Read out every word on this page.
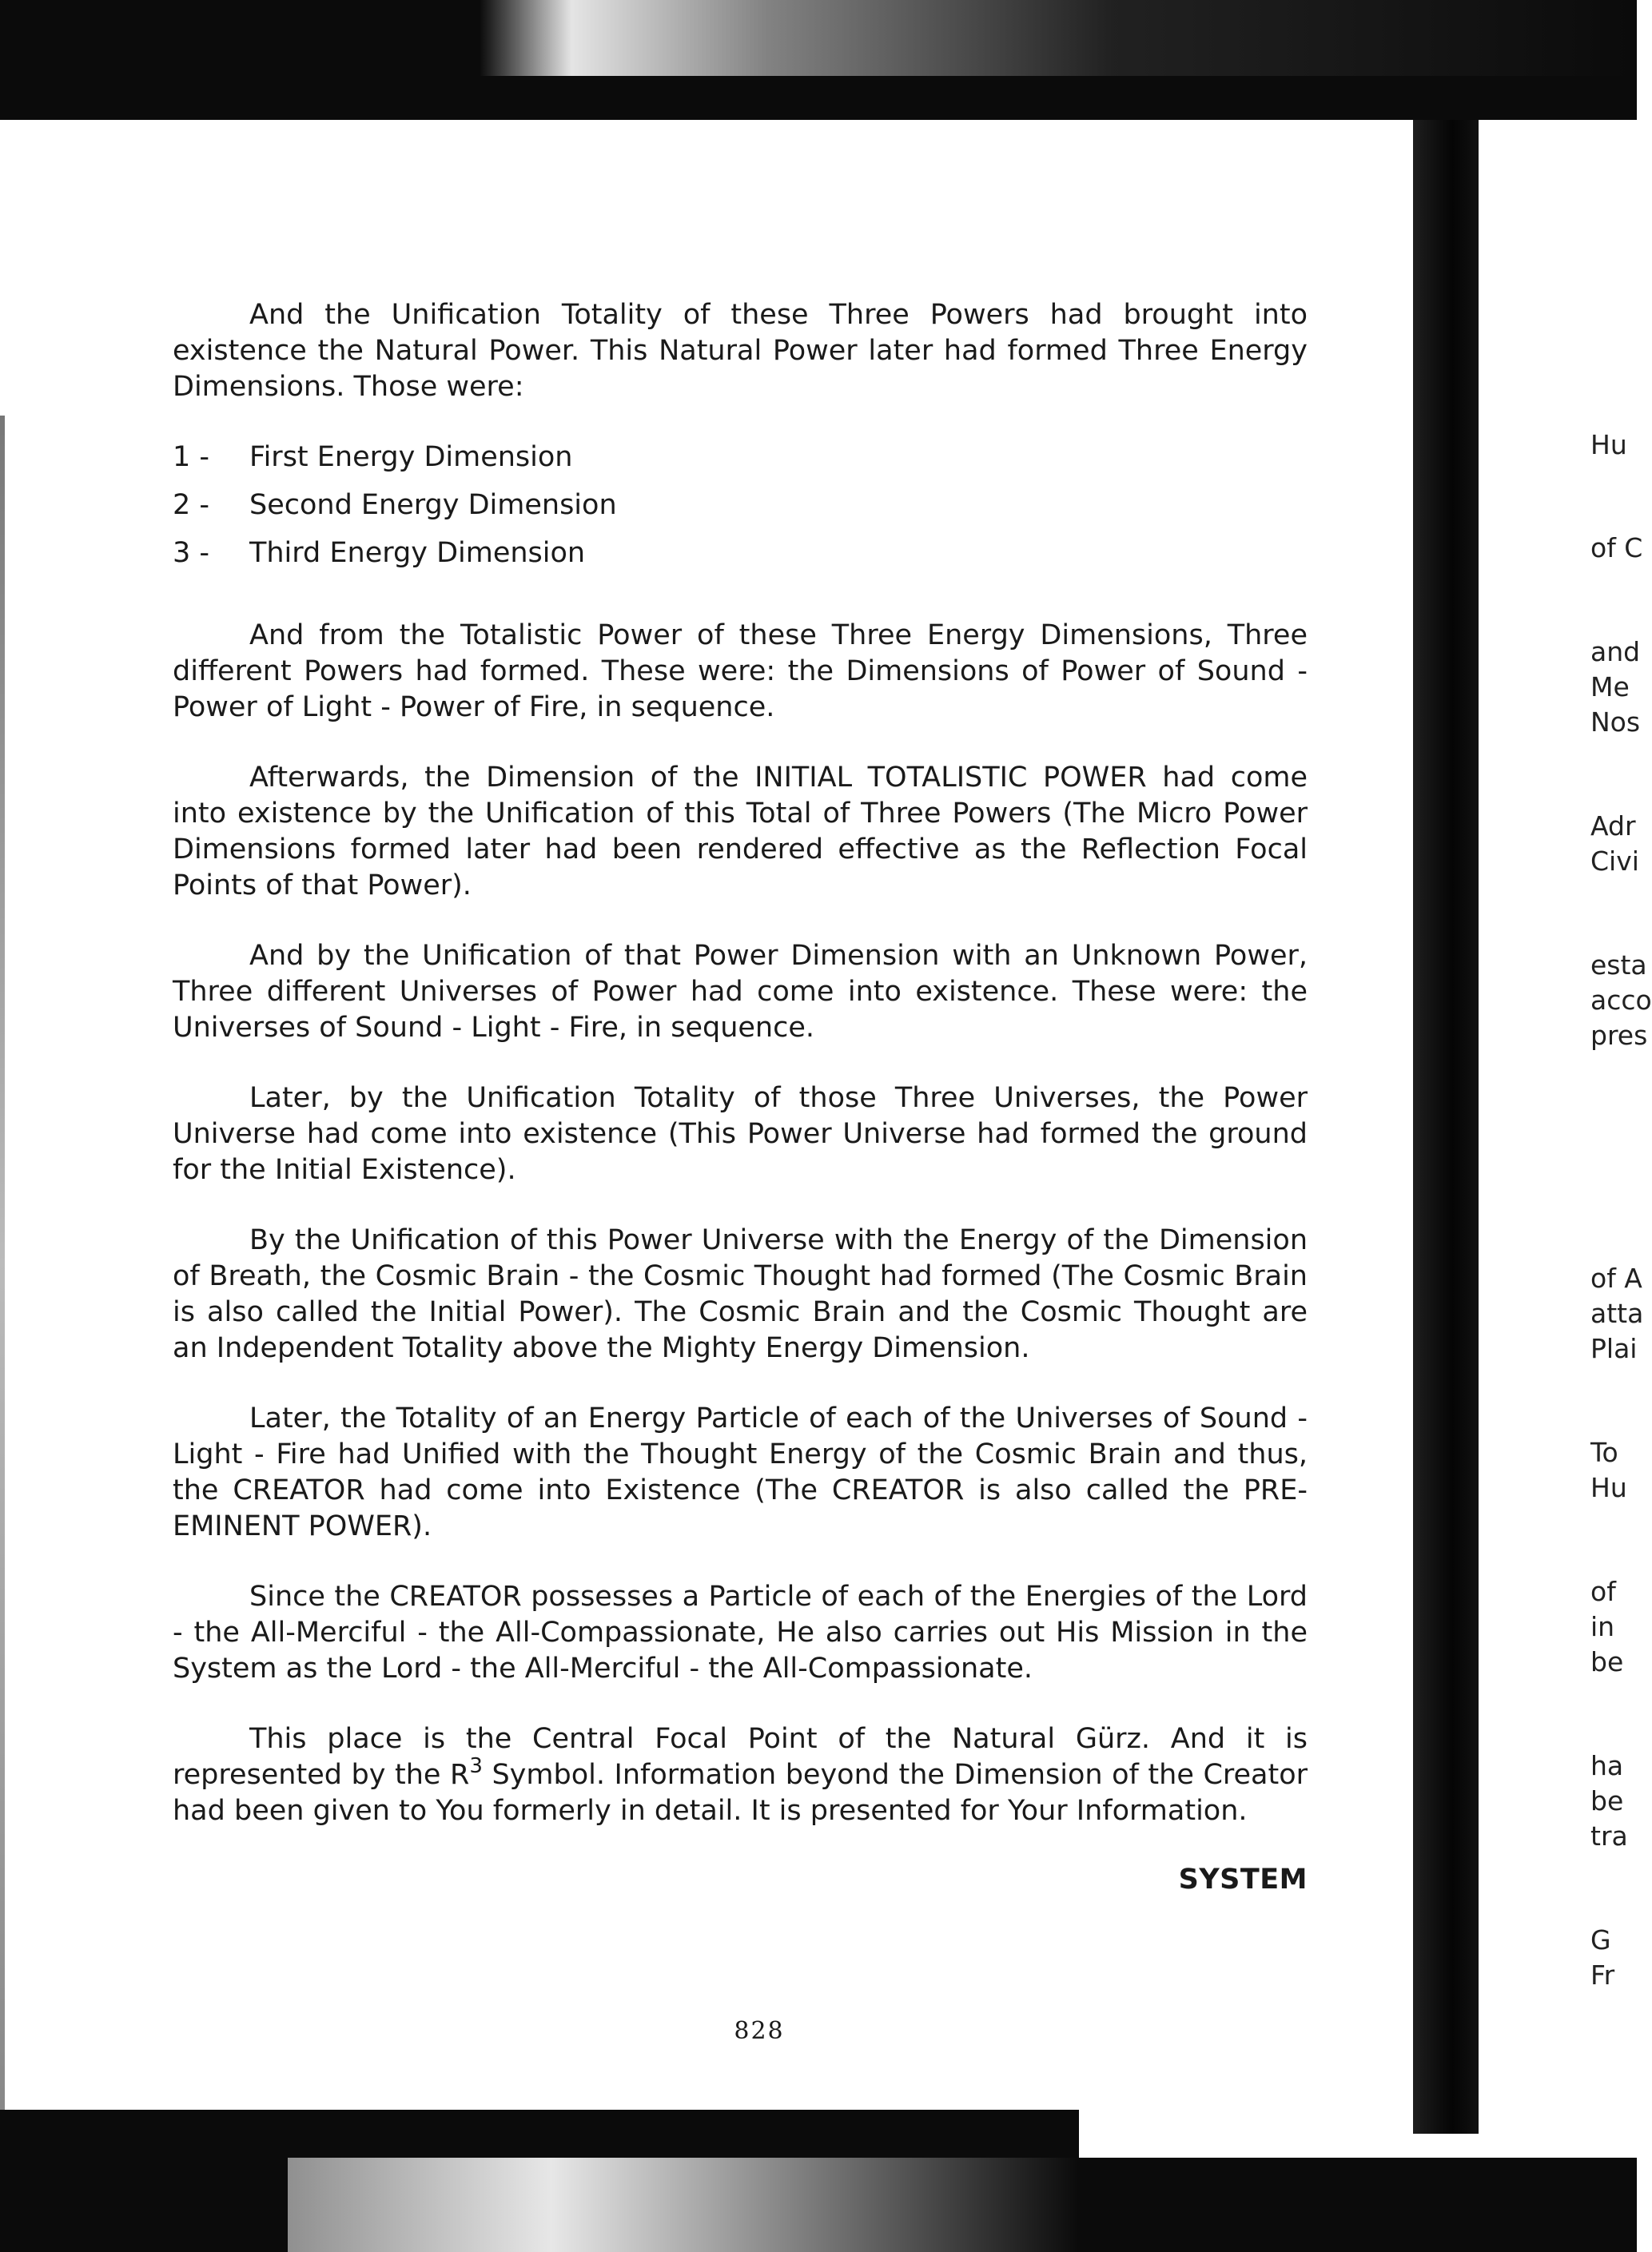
And the Unification Totality of these Three Powers had brought into existence the Natural Power. This Natural Power later had formed Three Energy Dimensions. Those were:

1 -	First Energy Dimension
2 -	Second Energy Dimension
3 -	Third Energy Dimension

And from the Totalistic Power of these Three Energy Dimensions, Three different Powers had formed. These were: the Dimensions of Power of Sound - Power of Light - Power of Fire, in sequence.

Afterwards, the Dimension of the INITIAL TOTALISTIC POWER had come into existence by the Unification of this Total of Three Powers (The Micro Power Dimensions formed later had been rendered effective as the Reflection Focal Points of that Power).

And by the Unification of that Power Dimension with an Unknown Power, Three different Universes of Power had come into existence. These were: the Universes of Sound - Light - Fire, in sequence.

Later, by the Unification Totality of those Three Universes, the Power Universe had come into existence (This Power Universe had formed the ground for the Initial Existence).

By the Unification of this Power Universe with the Energy of the Dimension of Breath, the Cosmic Brain - the Cosmic Thought had formed (The Cosmic Brain is also called the Initial Power). The Cosmic Brain and the Cosmic Thought are an Independent Totality above the Mighty Energy Dimension.

Later, the Totality of an Energy Particle of each of the Universes of Sound - Light - Fire had Unified with the Thought Energy of the Cosmic Brain and thus, the CREATOR had come into Existence (The CREATOR is also called the PRE-EMINENT POWER).

Since the CREATOR possesses a Particle of each of the Energies of the Lord - the All-Merciful - the All-Compassionate, He also carries out His Mission in the System as the Lord - the All-Merciful - the All-Compassionate.

This place is the Central Focal Point of the Natural Gürz. And it is represented by the $R^3$ Symbol. Information beyond the Dimension of the Creator had been given to You formerly in detail. It is presented for Your Information.

SYSTEM
828
Hu
of C
and
Me
Nos
Adr
Civi
esta
acco
pres
of A
atta
Plai
To
Hu
of
in
be
ha
be
tra
G
Fr
